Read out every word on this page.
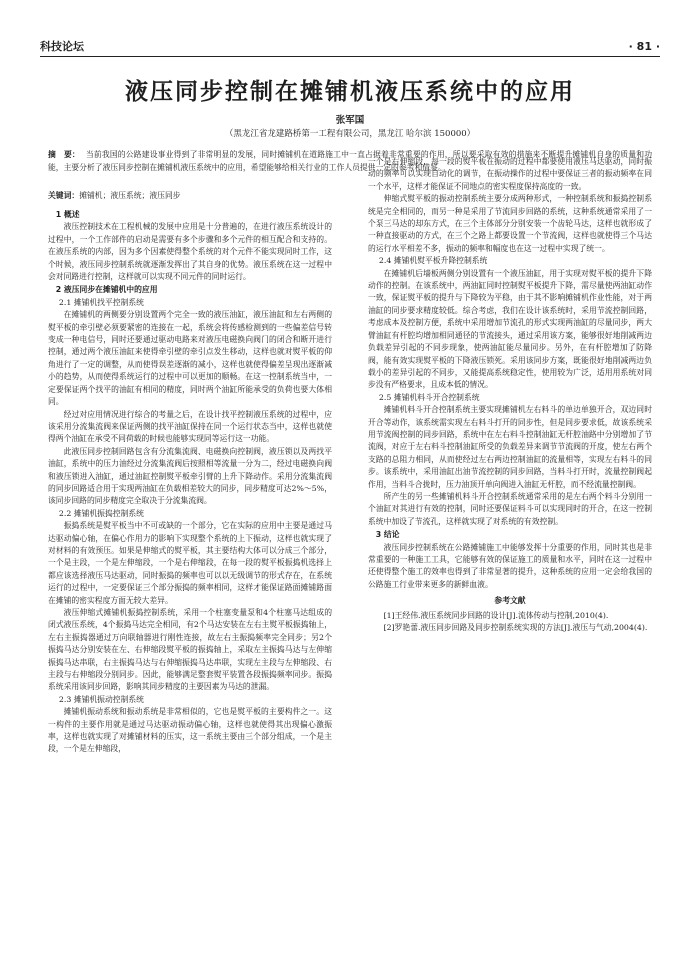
科技论坛	· 81 ·
液压同步控制在摊铺机液压系统中的应用
张军国
（黑龙江省龙建路桥第一工程有限公司，黑龙江 哈尔滨 150000）
摘　要： 当前我国的公路建设事业得到了非常明显的发展，同时摊铺机在道路施工中一直占据着非常重要的作用，所以要采取有效的措施来不断提升摊铺机自身的质量和功能，主要分析了液压同步控制在摊铺机液压系统中的应用，希望能够给相关行业的工作人员提供一定的参考和借鉴。
关键词：摊铺机；液压系统；液压同步
1 概述

液压控制技术在工程机械的发展中应用是十分普遍的，在进行液压系统设计的过程中，一个工作部件的启动是需要有多个步骤和多个元件的相互配合和支持的。在液压系统的内部，因为多个因素使得整个系统的对个元件不能实现同时工作，这个时候，液压同步控制系统就逐渐发挥出了其自身的优势。液压系统在这一过程中会对同路进行控制，这样就可以实现不同元件的同时运行。

2 液压同步在摊铺机中的应用
2.1 摊铺机找平控制系统

在摊铺机的两侧要分别设置两个完全一致的液压油缸，液压油缸和左右两侧的熨平板的牵引壁必须要紧密的连接在一起，系统会将传感检测到的一些偏差信号转变成一种电信号，同时还要通过驱动电路来对液压电磁换向阀门的闭合和断开进行控制，通过两个液压油缸来使得牵引壁的牵引点发生移动，这样也就对熨平板的仰角进行了一定的调整，从而使得误差逐渐的减小，这样也就使得偏差呈现出逐渐减小的趋势，从而使得系统运行的过程中可以更加的顺畅。在这一控制系统当中，一定要保证两个找平的油缸有相同的精度，同时两个油缸所能承受的负荷也要大体相同。

经过对应用情况进行综合的考量之后，在设计找平控制液压系统的过程中，应该采用分流集流阀来保证两侧的找平油缸保持在同一个运行状态当中，这样也就使得两个油缸在承受不同荷载的时候也能够实现同等运行这一功能。

此液压同步控制回路包含有分流集流阀、电磁换向控制阀，液压锁以及两找平油缸，系统中的压力油经过分流集流阀后按照相等流量一分为二，经过电磁换向阀和液压锁进入油缸，通过油缸控制熨平板牵引臂的上升下降动作。采用分流集流阀的同步回路适合用于实现两油缸在负载相差较大的同步，同步精度可达2%～5%，该同步回路的同步精度完全取决于分流集流阀。

2.2 摊铺机振捣控制系统

振捣系统是熨平板当中不可或缺的一个部分，它在实际的应用中主要是通过马达驱动偏心轴，在偏心作用力的影响下实现整个系统的上下振动，这样也就实现了对材料的有效预压。如果是伸缩式的熨平板，其主要结构大体可以分成三个部分，一个是主段，一个是左伸缩段，一个是右伸缩段，在每一段的熨平板振捣机选择上都应该选择液压马达驱动，同时振捣的频率也可以以无级调节的形式存在，在系统运行的过程中，一定要保证三个部分振捣的频率相同，这样才能保证路面摊铺路面在摊铺的密实程度方面无较大差异。

液压伸缩式摊铺机振捣控制系统，采用一个柱塞变量泵和4个柱塞马达组成的闭式液压系统，4个振捣马达完全相同，有2个马达安装在左右主熨平板振捣轴上，左右主振捣器通过万向联轴器进行刚性连接，故左右主振捣频率完全同步；另2个振捣马达分别安装在左、右伸缩段熨平板的振捣轴上，采取左主振捣马达与左伸缩振捣马达串联，右主振捣马达与右伸缩振捣马达串联，实现左主段与左伸缩段、右主段与右伸缩段分别同步。因此，能够满足整套熨平装置各段振捣频率同步。振捣系统采用该同步回路，影响其同步精度的主要因素为马达的泄漏。

2.3 摊铺机振动控制系统

摊铺机振动系统和振动系统是非常相似的，它也是熨平板的主要构件之一。这一构件的主要作用就是通过马达驱动振动偏心轴，这样也就使得其出现偏心激振率，这样也就实现了对摊铺材料的压实，这一系统主要由三个部分组成，一个是主段，一个是左伸缩段，

一个是右伸缩段，每一段的熨平板在振动的过程中都要使用液压马达驱动，同时振动的频率可以实现自动化的调节，在振动操作的过程中要保证三者的振动频率在同一个水平，这样才能保证不同地点的密实程度保持高度的一致。

伸缩式熨平板的振动控制系统主要分成两种形式，一种控制系统和振捣控制系统是完全相同的，而另一种是采用了节流同步回路的系统，这种系统通常采用了一个泵三马达的却东方式，在三个主体部分分别安装一个齿轮马达，这样也就形成了一种直接驱动的方式，在三个之路上都要设置一个节流阀，这样也就使得三个马达的运行水平相差不多，振动的频率和幅度也在这一过程中实现了统一。

2.4 摊铺机熨平板升降控制系统

在摊铺机后墙板两侧分别设置有一个液压油缸，用于实现对熨平板的提升下降动作的控制。在该系统中，两油缸同时控制熨平板提升下降，需尽量使两油缸动作一致，保证熨平板的提升与下降较为平稳，由于其不影响摊铺机作业性能，对于两油缸的同步要求精度较低。综合考虑，我们在设计该系统时，采用节流控制回路，考虑成本及控制方便，系统中采用增加节流孔的形式实现两油缸的尽量同步，两大臂油缸有杆腔均增加相同通径的节流接头，通过采用该方案，能够很好地削减两边负载差异引起的不同步现象，使两油缸能尽量同步。另外，在有杆腔增加了防降阀，能有效实现熨平板的下降液压锁死。采用该同步方案，既能很好地削减两边负载小的差异引起的不同步，又能提高系统稳定性，使用较为广泛，适用用系统对同步没有严格要求，且成本低的情况。

2.5 摊铺机料斗开合控制系统

摊铺机料斗开合控制系统主要实现摊铺机左右料斗的单边单独开合，双边同时开合等动作，该系统需实现左右料斗打开的同步性，但是同步要求低，故该系统采用节流阀控制的同步回路，系统中在左右料斗控制油缸无杆腔油路中分别增加了节流阀，对应于左右料斗控制油缸所受的负载差异来调节节流阀的开度，使左右两个支路的总阻力相同，从而使经过左右两边控制油缸的流量相等，实现左右料斗的同步。该系统中，采用油缸出油节流控制的同步回路，当料斗打开时，流量控制阀起作用，当料斗合拢时，压力油顶开单向阀进入油缸无杆腔，而不经流量控制阀。

所产生的另一些摊铺机料斗开合控制系统通常采用的是左右两个料斗分别用一个油缸对其进行有效的控制，同时还要保证料斗可以实现同时的开合，在这一控制系统中加设了节流孔，这样就实现了对系统的有效控制。

3 结论

液压同步控制系统在公路摊铺施工中能够发挥十分重要的作用，同时其也是非常重要的一种施工工具，它能够有效的保证施工的质量和水平，同时在这一过程中还使得整个施工的效率也得到了非常显著的提升，这种系统的应用一定会给我国的公路施工行业带来更多的新鲜血液。

参考文献

[1]王经伟.液压系统同步回路的设计[J].流体传动与控制,2010(4).

[2]罗艳蕾.液压同步回路及同步控制系统实现的方法[J].液压与气动,2004(4).
